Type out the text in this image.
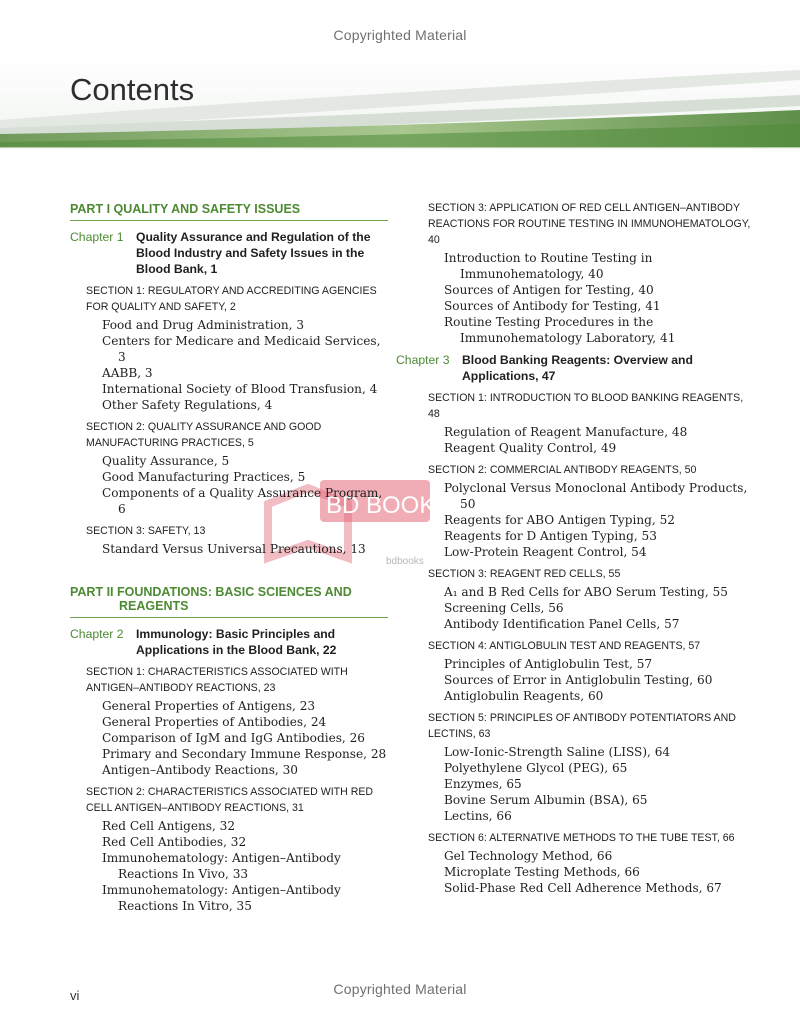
Copyrighted Material
Contents
BD BOOKS
bdbooks
PART I QUALITY AND SAFETY ISSUES
Chapter 1	Quality Assurance and Regulation of the Blood Industry and Safety Issues in the Blood Bank, 1
SECTION 1: REGULATORY AND ACCREDITING AGENCIES FOR QUALITY AND SAFETY, 2

Food and Drug Administration, 3

Centers for Medicare and Medicaid Services, 3

AABB, 3

International Society of Blood Transfusion, 4

Other Safety Regulations, 4

SECTION 2: QUALITY ASSURANCE AND GOOD MANUFACTURING PRACTICES, 5

Quality Assurance, 5

Good Manufacturing Practices, 5

Components of a Quality Assurance Program, 6

SECTION 3: SAFETY, 13

Standard Versus Universal Precautions, 13

PART II FOUNDATIONS: BASIC SCIENCES AND
REAGENTS
Chapter 2	Immunology: Basic Principles and Applications in the Blood Bank, 22
SECTION 1: CHARACTERISTICS ASSOCIATED WITH ANTIGEN–ANTIBODY REACTIONS, 23

General Properties of Antigens, 23

General Properties of Antibodies, 24

Comparison of IgM and IgG Antibodies, 26

Primary and Secondary Immune Response, 28

Antigen–Antibody Reactions, 30

SECTION 2: CHARACTERISTICS ASSOCIATED WITH RED CELL ANTIGEN–ANTIBODY REACTIONS, 31

Red Cell Antigens, 32

Red Cell Antibodies, 32

Immunohematology: Antigen–Antibody Reactions In Vivo, 33

Immunohematology: Antigen–Antibody Reactions In Vitro, 35

SECTION 3: APPLICATION OF RED CELL ANTIGEN–ANTIBODY REACTIONS FOR ROUTINE TESTING IN IMMUNOHEMATOLOGY, 40

Introduction to Routine Testing in Immunohematology, 40

Sources of Antigen for Testing, 40

Sources of Antibody for Testing, 41

Routine Testing Procedures in the Immunohematology Laboratory, 41

Chapter 3	Blood Banking Reagents: Overview and Applications, 47
SECTION 1: INTRODUCTION TO BLOOD BANKING REAGENTS, 48

Regulation of Reagent Manufacture, 48

Reagent Quality Control, 49

SECTION 2: COMMERCIAL ANTIBODY REAGENTS, 50

Polyclonal Versus Monoclonal Antibody Products, 50

Reagents for ABO Antigen Typing, 52

Reagents for D Antigen Typing, 53

Low-Protein Reagent Control, 54

SECTION 3: REAGENT RED CELLS, 55

A₁ and B Red Cells for ABO Serum Testing, 55

Screening Cells, 56

Antibody Identification Panel Cells, 57

SECTION 4: ANTIGLOBULIN TEST AND REAGENTS, 57

Principles of Antiglobulin Test, 57

Sources of Error in Antiglobulin Testing, 60

Antiglobulin Reagents, 60

SECTION 5: PRINCIPLES OF ANTIBODY POTENTIATORS AND LECTINS, 63

Low-Ionic-Strength Saline (LISS), 64

Polyethylene Glycol (PEG), 65

Enzymes, 65

Bovine Serum Albumin (BSA), 65

Lectins, 66

SECTION 6: ALTERNATIVE METHODS TO THE TUBE TEST, 66

Gel Technology Method, 66

Microplate Testing Methods, 66

Solid-Phase Red Cell Adherence Methods, 67

vi	Copyrighted Material
